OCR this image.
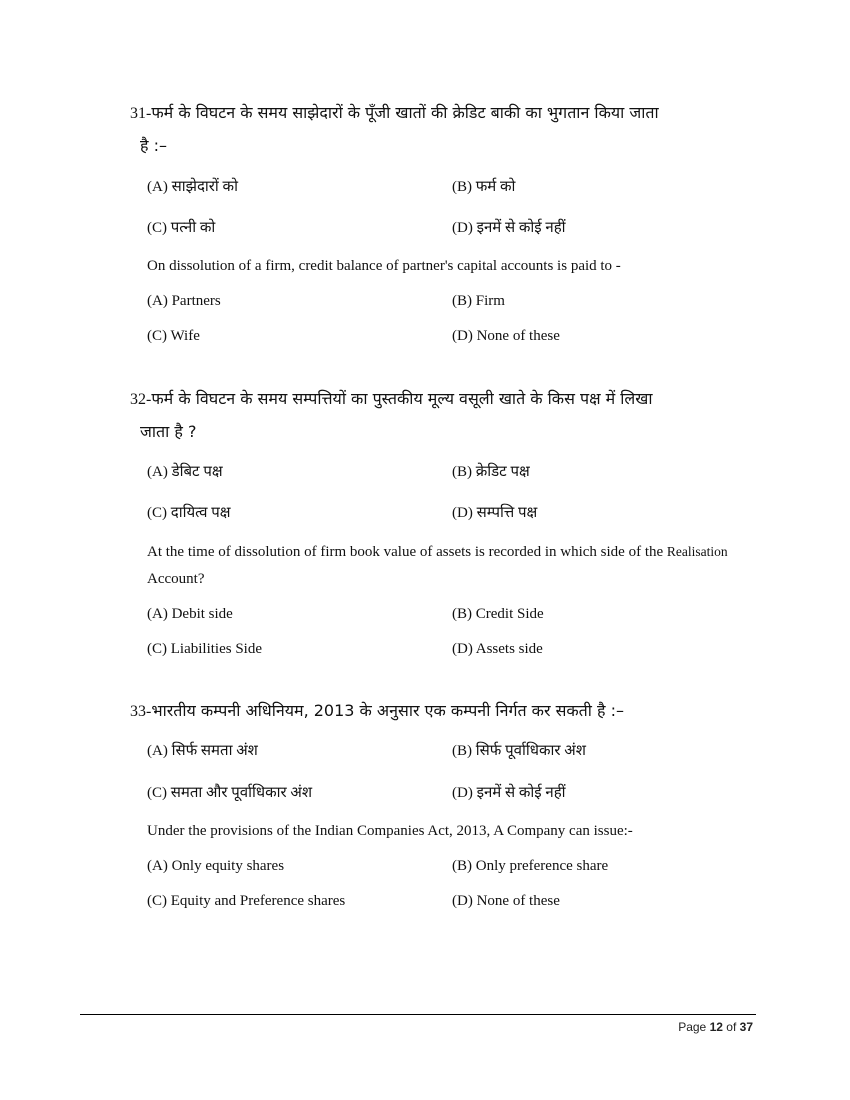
31-फर्म के विघटन के समय साझेदारों के पूँजी खातों की क्रेडिट बाकी का भुगतान किया जाता
है :–
(A) साझेदारों को	(B) फर्म को
(C) पत्नी को	(D) इनमें से कोई नहीं
On dissolution of a firm, credit balance of partner's capital accounts is paid to -
(A) Partners	(B) Firm
(C) Wife	(D) None of these
32-फर्म के विघटन के समय सम्पत्तियों का पुस्तकीय मूल्य वसूली खाते के किस पक्ष में लिखा
जाता है ?
(A) डेबिट पक्ष	(B) क्रेडिट पक्ष
(C) दायित्व पक्ष	(D) सम्पत्ति पक्ष
At the time of dissolution of firm book value of assets is recorded in which side of the Realisation
Account?
(A) Debit side	(B) Credit Side
(C) Liabilities Side	(D) Assets side
33-भारतीय कम्पनी अधिनियम, 2013 के अनुसार एक कम्पनी निर्गत कर सकती है :–
(A) सिर्फ समता अंश	(B) सिर्फ पूर्वाधिकार अंश
(C) समता और पूर्वाधिकार अंश	(D) इनमें से कोई नहीं
Under the provisions of the Indian Companies Act, 2013, A Company can issue:-
(A) Only equity shares	(B) Only preference share
(C) Equity and Preference shares	(D) None of these
Page 12 of 37
